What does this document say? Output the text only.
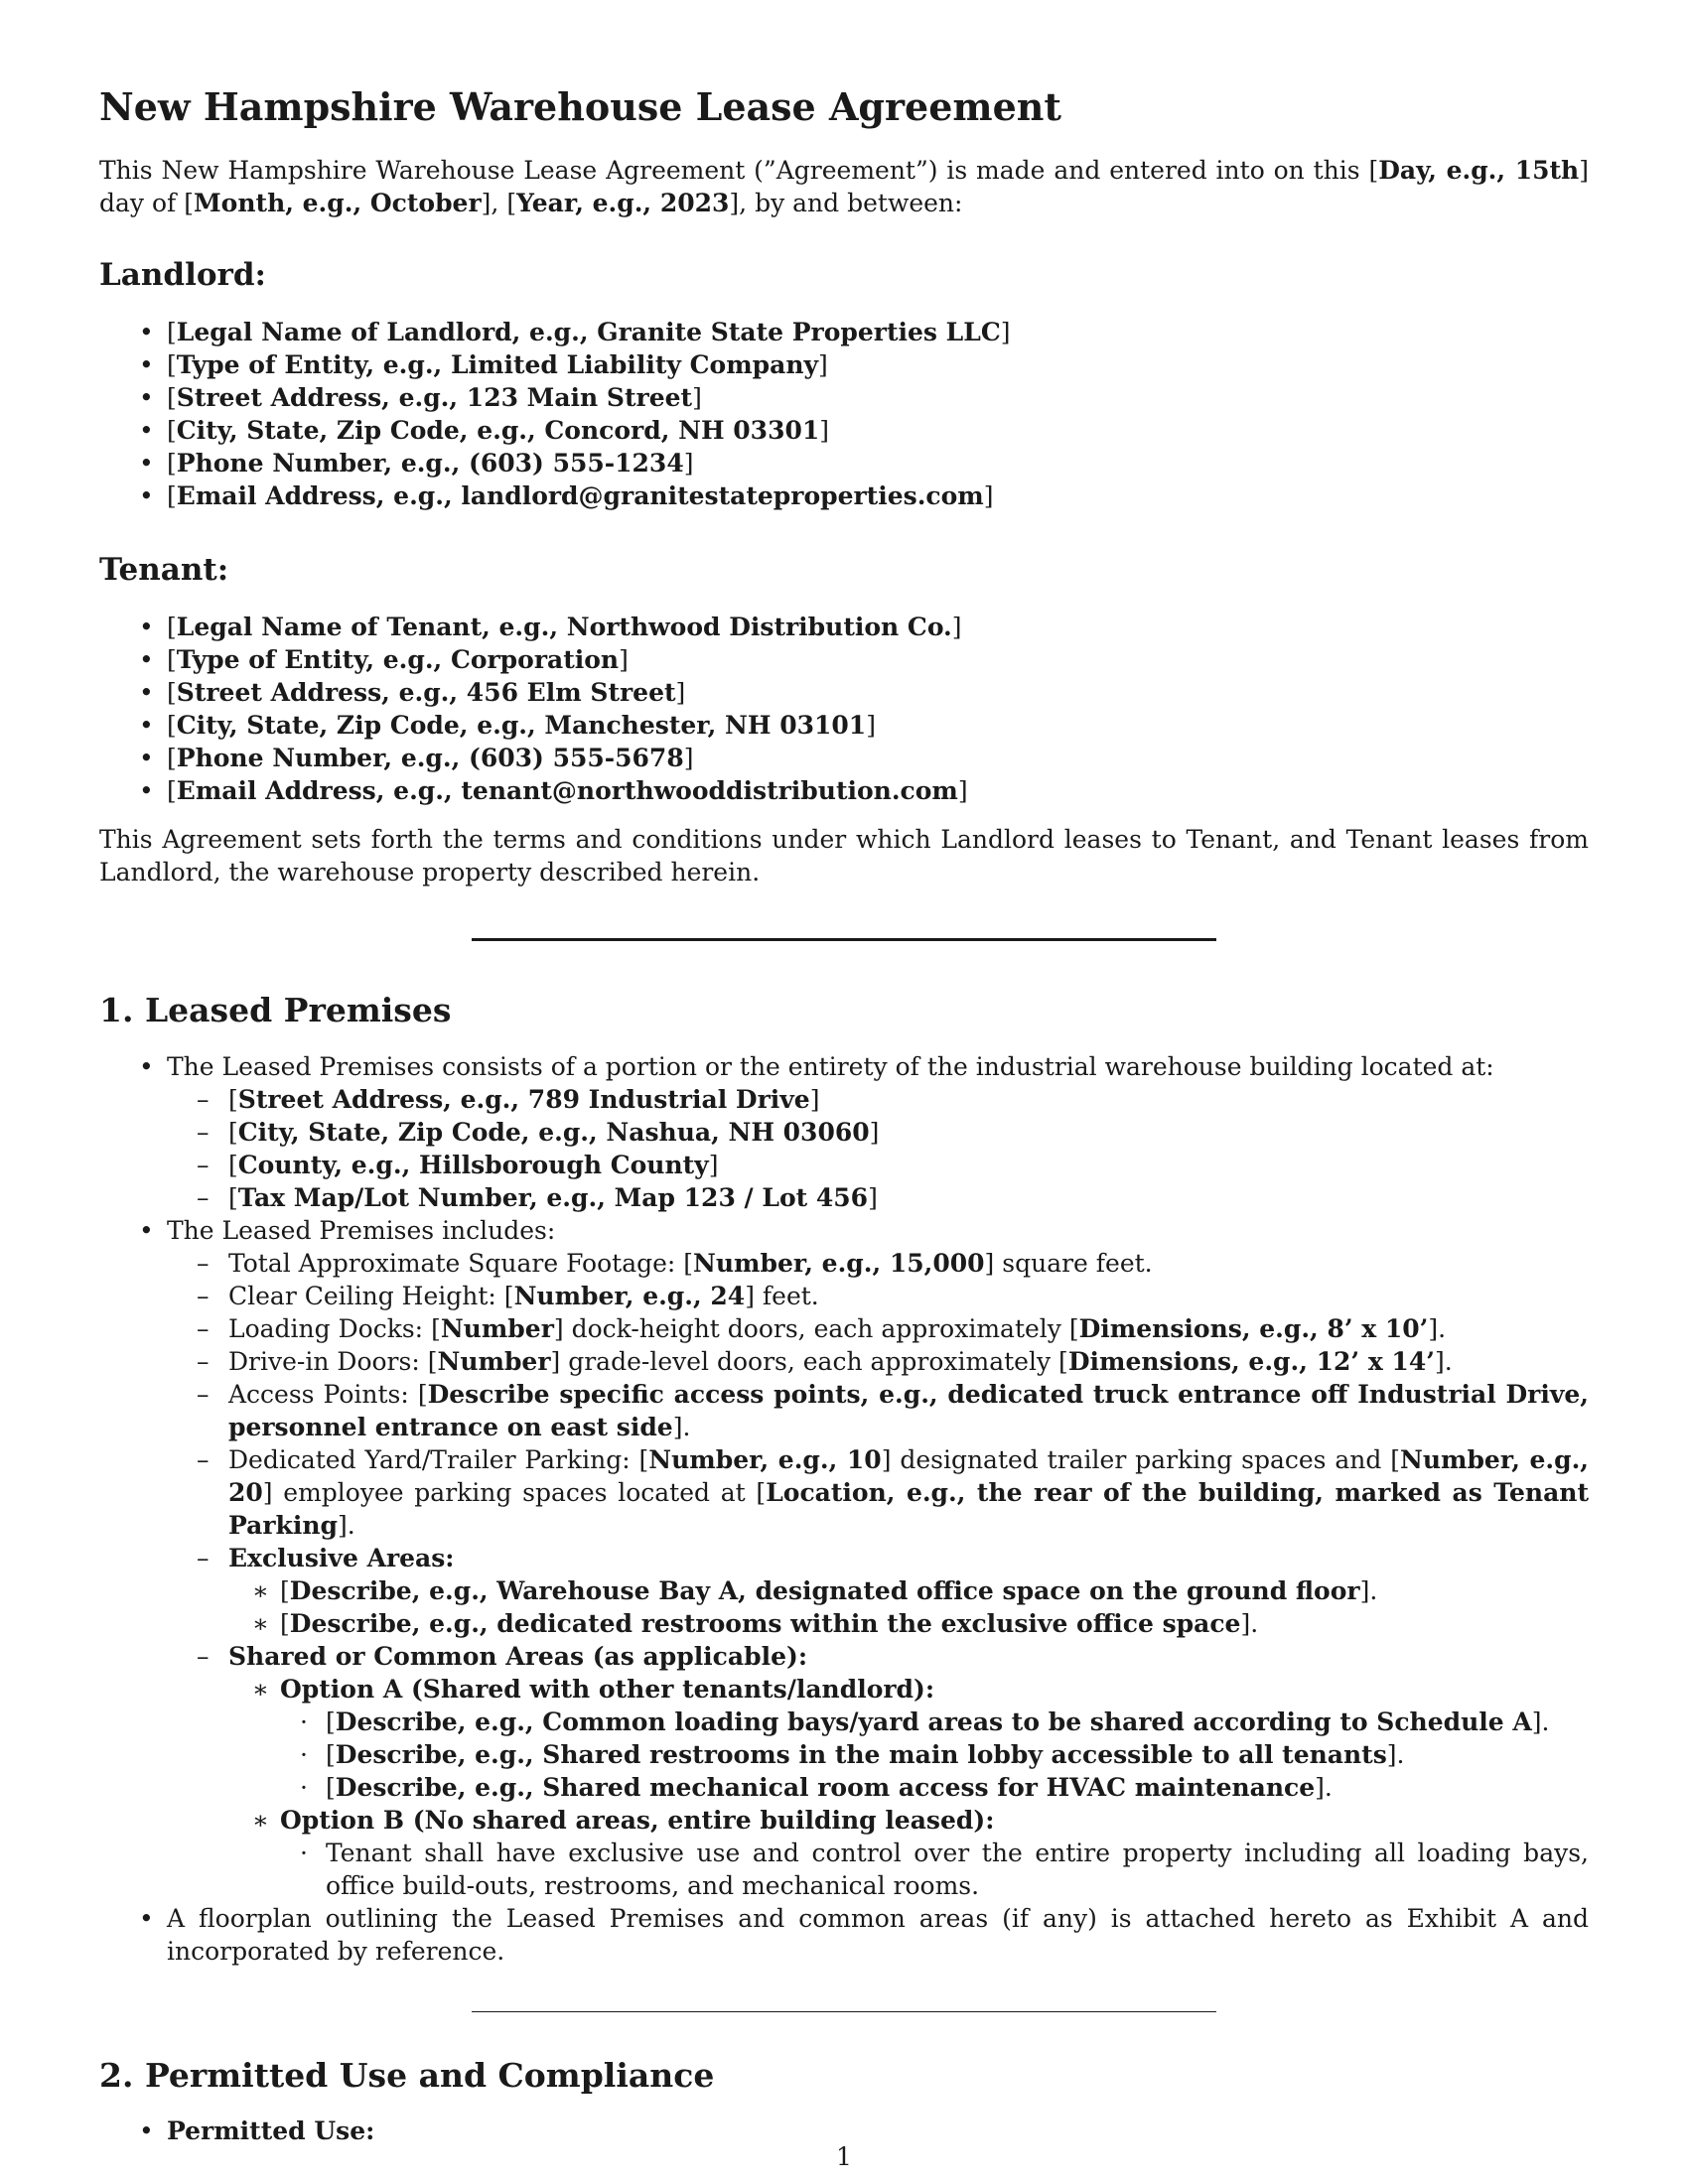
New Hampshire Warehouse Lease Agreement

This New Hampshire Warehouse Lease Agreement (”Agreement”) is made and entered into on this [Day, e.g., 15th] day of [Month, e.g., October], [Year, e.g., 2023], by and between:

Landlord:
• [Legal Name of Landlord, e.g., Granite State Properties LLC]
• [Type of Entity, e.g., Limited Liability Company]
• [Street Address, e.g., 123 Main Street]
• [City, State, Zip Code, e.g., Concord, NH 03301]
• [Phone Number, e.g., (603) 555-1234]
• [Email Address, e.g., landlord@granitestateproperties.com]
Tenant:
• [Legal Name of Tenant, e.g., Northwood Distribution Co.]
• [Type of Entity, e.g., Corporation]
• [Street Address, e.g., 456 Elm Street]
• [City, State, Zip Code, e.g., Manchester, NH 03101]
• [Phone Number, e.g., (603) 555-5678]
• [Email Address, e.g., tenant@northwooddistribution.com]

This Agreement sets forth the terms and conditions under which Landlord leases to Tenant, and Tenant leases from Landlord, the warehouse property described herein.

1. Leased Premises
• The Leased Premises consists of a portion or the entirety of the industrial warehouse building located at:
– [Street Address, e.g., 789 Industrial Drive]
– [City, State, Zip Code, e.g., Nashua, NH 03060]
– [County, e.g., Hillsborough County]
– [Tax Map/Lot Number, e.g., Map 123 / Lot 456]
• The Leased Premises includes:
– Total Approximate Square Footage: [Number, e.g., 15,000] square feet.
– Clear Ceiling Height: [Number, e.g., 24] feet.
– Loading Docks: [Number] dock-height doors, each approximately [Dimensions, e.g., 8’ x 10’].
– Drive-in Doors: [Number] grade-level doors, each approximately [Dimensions, e.g., 12’ x 14’].
– Access Points: [Describe specific access points, e.g., dedicated truck entrance off Industrial Drive, personnel entrance on east side].
– Dedicated Yard/Trailer Parking: [Number, e.g., 10] designated trailer parking spaces and [Number, e.g., 20] employee parking spaces located at [Location, e.g., the rear of the building, marked as Tenant Parking].
– Exclusive Areas:
∗ [Describe, e.g., Warehouse Bay A, designated office space on the ground floor].
∗ [Describe, e.g., dedicated restrooms within the exclusive office space].
– Shared or Common Areas (as applicable):
∗ Option A (Shared with other tenants/landlord):
· [Describe, e.g., Common loading bays/yard areas to be shared according to Schedule A].
· [Describe, e.g., Shared restrooms in the main lobby accessible to all tenants].
· [Describe, e.g., Shared mechanical room access for HVAC maintenance].
∗ Option B (No shared areas, entire building leased):
· Tenant shall have exclusive use and control over the entire property including all loading bays, office build-outs, restrooms, and mechanical rooms.
• A floorplan outlining the Leased Premises and common areas (if any) is attached hereto as Exhibit A and incorporated by reference.
2. Permitted Use and Compliance
• Permitted Use:
1
